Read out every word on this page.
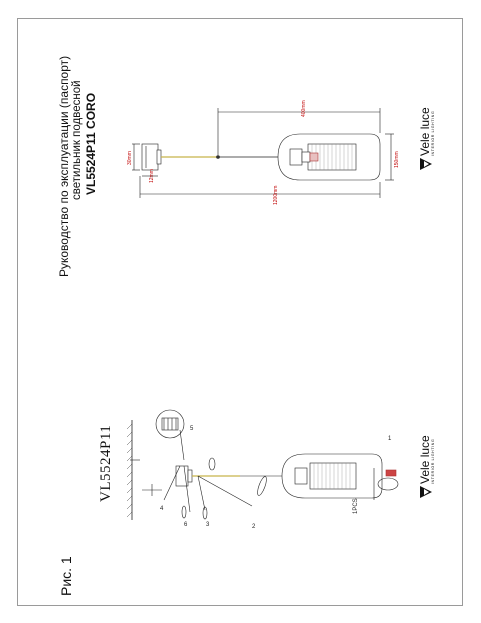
Руководство по эксплуатации (паспорт) светильник подвесной VL5524P11 CORO
Рис. 1
VL5524P11
Vele luce INTERIOR LIGHTING
Vele luce INTERIOR LIGHTING
400mm
1200mm
150mm
30mm
12mm
5
1
2
3
4
6
1PCS
